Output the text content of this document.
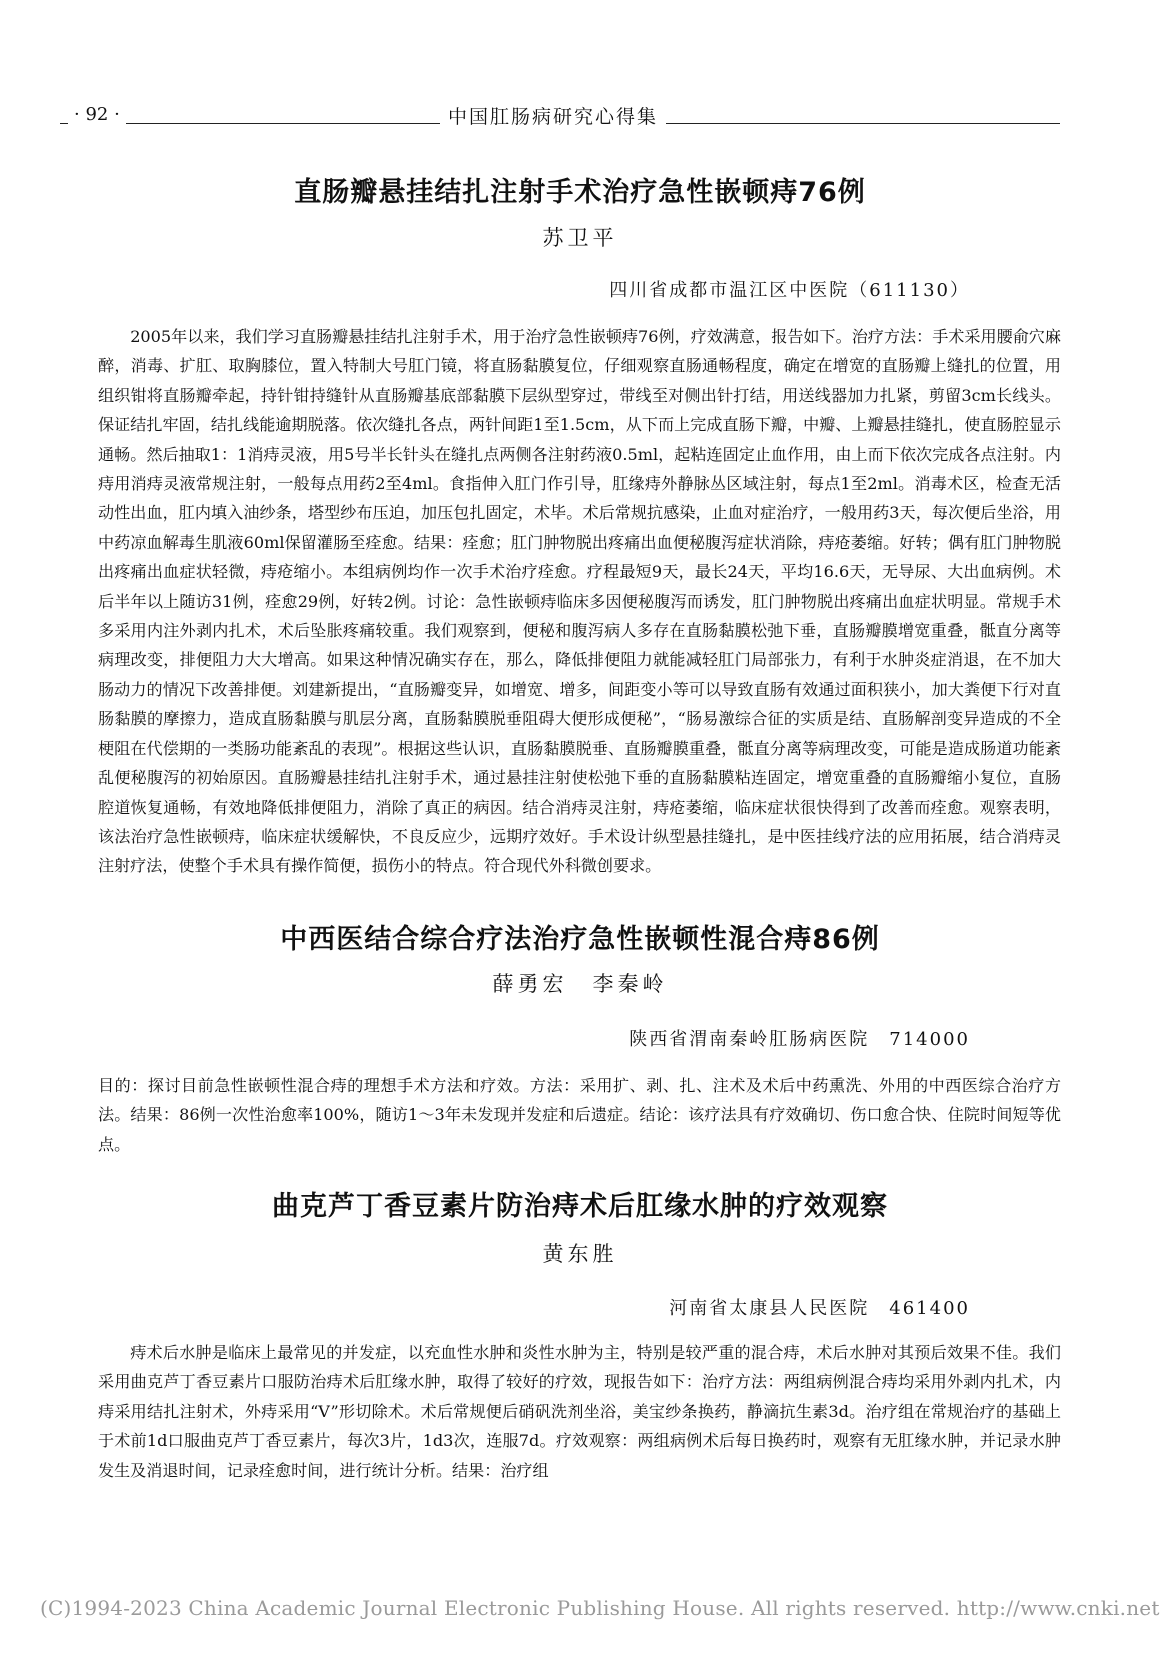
· 92 ·	中国肛肠病研究心得集
直肠瓣悬挂结扎注射手术治疗急性嵌顿痔76例
苏卫平
四川省成都市温江区中医院（611130）

2005年以来，我们学习直肠瓣悬挂结扎注射手术，用于治疗急性嵌顿痔76例，疗效满意，报告如下。治疗方法：手术采用腰俞穴麻醉，消毒、扩肛、取胸膝位，置入特制大号肛门镜，将直肠黏膜复位，仔细观察直肠通畅程度，确定在增宽的直肠瓣上缝扎的位置，用组织钳将直肠瓣牵起，持针钳持缝针从直肠瓣基底部黏膜下层纵型穿过，带线至对侧出针打结，用送线器加力扎紧，剪留3cm长线头。保证结扎牢固，结扎线能逾期脱落。依次缝扎各点，两针间距1至1.5cm，从下而上完成直肠下瓣，中瓣、上瓣悬挂缝扎，使直肠腔显示通畅。然后抽取1：1消痔灵液，用5号半长针头在缝扎点两侧各注射药液0.5ml，起粘连固定止血作用，由上而下依次完成各点注射。内痔用消痔灵液常规注射，一般每点用药2至4ml。食指伸入肛门作引导，肛缘痔外静脉丛区域注射，每点1至2ml。消毒术区，检查无活动性出血，肛内填入油纱条，塔型纱布压迫，加压包扎固定，术毕。术后常规抗感染，止血对症治疗，一般用药3天，每次便后坐浴，用中药凉血解毒生肌液60ml保留灌肠至痊愈。结果：痊愈；肛门肿物脱出疼痛出血便秘腹泻症状消除，痔疮萎缩。好转；偶有肛门肿物脱出疼痛出血症状轻微，痔疮缩小。本组病例均作一次手术治疗痊愈。疗程最短9天，最长24天，平均16.6天，无导尿、大出血病例。术后半年以上随访31例，痊愈29例，好转2例。讨论：急性嵌顿痔临床多因便秘腹泻而诱发，肛门肿物脱出疼痛出血症状明显。常规手术多采用内注外剥内扎术，术后坠胀疼痛较重。我们观察到，便秘和腹泻病人多存在直肠黏膜松弛下垂，直肠瓣膜增宽重叠，骶直分离等病理改变，排便阻力大大增高。如果这种情况确实存在，那么，降低排便阻力就能减轻肛门局部张力，有利于水肿炎症消退，在不加大肠动力的情况下改善排便。刘建新提出，“直肠瓣变异，如增宽、增多，间距变小等可以导致直肠有效通过面积狭小，加大粪便下行对直肠黏膜的摩擦力，造成直肠黏膜与肌层分离，直肠黏膜脱垂阻碍大便形成便秘”，“肠易激综合征的实质是结、直肠解剖变异造成的不全梗阻在代偿期的一类肠功能紊乱的表现”。根据这些认识，直肠黏膜脱垂、直肠瓣膜重叠，骶直分离等病理改变，可能是造成肠道功能紊乱便秘腹泻的初始原因。直肠瓣悬挂结扎注射手术，通过悬挂注射使松弛下垂的直肠黏膜粘连固定，增宽重叠的直肠瓣缩小复位，直肠腔道恢复通畅，有效地降低排便阻力，消除了真正的病因。结合消痔灵注射，痔疮萎缩，临床症状很快得到了改善而痊愈。观察表明，该法治疗急性嵌顿痔，临床症状缓解快，不良反应少，远期疗效好。手术设计纵型悬挂缝扎，是中医挂线疗法的应用拓展，结合消痔灵注射疗法，使整个手术具有操作简便，损伤小的特点。符合现代外科微创要求。

中西医结合综合疗法治疗急性嵌顿性混合痔86例
薛勇宏　李秦岭
陕西省渭南秦岭肛肠病医院　714000

目的：探讨目前急性嵌顿性混合痔的理想手术方法和疗效。方法：采用扩、剥、扎、注术及术后中药熏洗、外用的中西医综合治疗方法。结果：86例一次性治愈率100%，随访1～3年未发现并发症和后遗症。结论：该疗法具有疗效确切、伤口愈合快、住院时间短等优点。

曲克芦丁香豆素片防治痔术后肛缘水肿的疗效观察
黄东胜
河南省太康县人民医院　461400

痔术后水肿是临床上最常见的并发症，以充血性水肿和炎性水肿为主，特别是较严重的混合痔，术后水肿对其预后效果不佳。我们采用曲克芦丁香豆素片口服防治痔术后肛缘水肿，取得了较好的疗效，现报告如下：治疗方法：两组病例混合痔均采用外剥内扎术，内痔采用结扎注射术，外痔采用“V”形切除术。术后常规便后硝矾洗剂坐浴，美宝纱条换药，静滴抗生素3d。治疗组在常规治疗的基础上于术前1d口服曲克芦丁香豆素片，每次3片，1d3次，连服7d。疗效观察：两组病例术后每日换药时，观察有无肛缘水肿，并记录水肿发生及消退时间，记录痊愈时间，进行统计分析。结果：治疗组

(C)1994-2023 China Academic Journal Electronic Publishing House. All rights reserved. http://www.cnki.net
